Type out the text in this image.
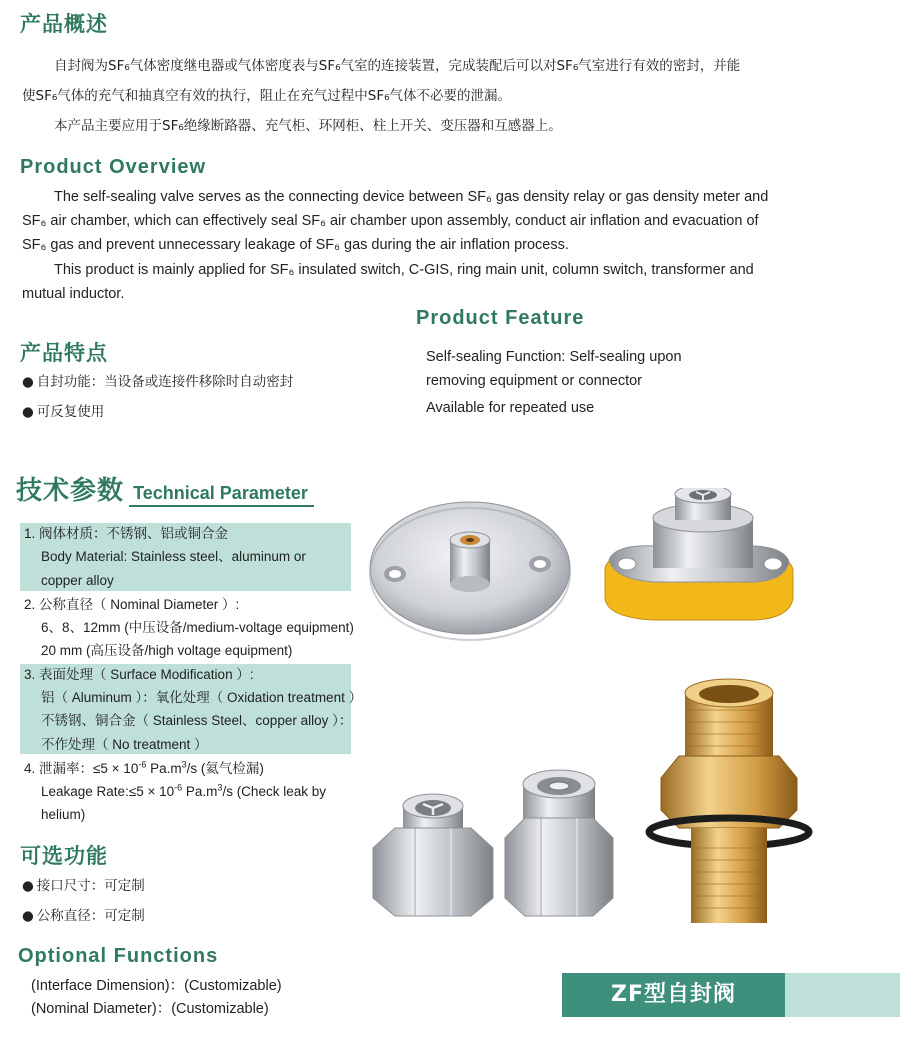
产品概述
自封阀为SF₆气体密度继电器或气体密度表与SF₆气室的连接装置，完成装配后可以对SF₆气室进行有效的密封，并能
使SF₆气体的充气和抽真空有效的执行，阻止在充气过程中SF₆气体不必要的泄漏。
本产品主要应用于SF₆绝缘断路器、充气柜、环网柜、柱上开关、变压器和互感器上。
Product Overview
The self-sealing valve serves as the connecting device between SF₆ gas density relay or gas density meter and
SF₆ air chamber, which can effectively seal SF₆ air chamber upon assembly, conduct air inflation and evacuation of
SF₆ gas and prevent unnecessary leakage of SF₆ gas during the air inflation process.
This product is mainly applied for SF₆ insulated switch, C-GIS, ring main unit, column switch, transformer and
mutual inductor.
产品特点
● 自封功能：当设备或连接件移除时自动密封
● 可反复使用
Product Feature
Self-sealing Function: Self-sealing upon
removing equipment or connector
Available for repeated use
技术参数 Technical Parameter
1. 阀体材质：不锈钢、铝或铜合金
Body Material: Stainless steel、aluminum or
copper alloy
2. 公称直径（ Nominal Diameter ）:
6、8、12mm (中压设备/medium-voltage equipment)
20 mm (高压设备/high voltage equipment)
3. 表面处理（ Surface Modification ）:
铝（ Aluminum ）：氧化处理（ Oxidation treatment ）
不锈钢、铜合金（ Stainless Steel、copper alloy ）：
不作处理（ No treatment ）
4. 泄漏率：$\le 5 \times 10^{-6}$ $Pa.m^3/s$ (氦气检漏)
Leakage Rate:≤5 × $10^{-6}$ $Pa.m^3/s$ (Check leak by
helium)
可选功能
● 接口尺寸：可定制
● 公称直径：可定制
Optional Functions
(Interface Dimension)：(Customizable)
(Nominal Diameter)：(Customizable)
ZF型自封阀
